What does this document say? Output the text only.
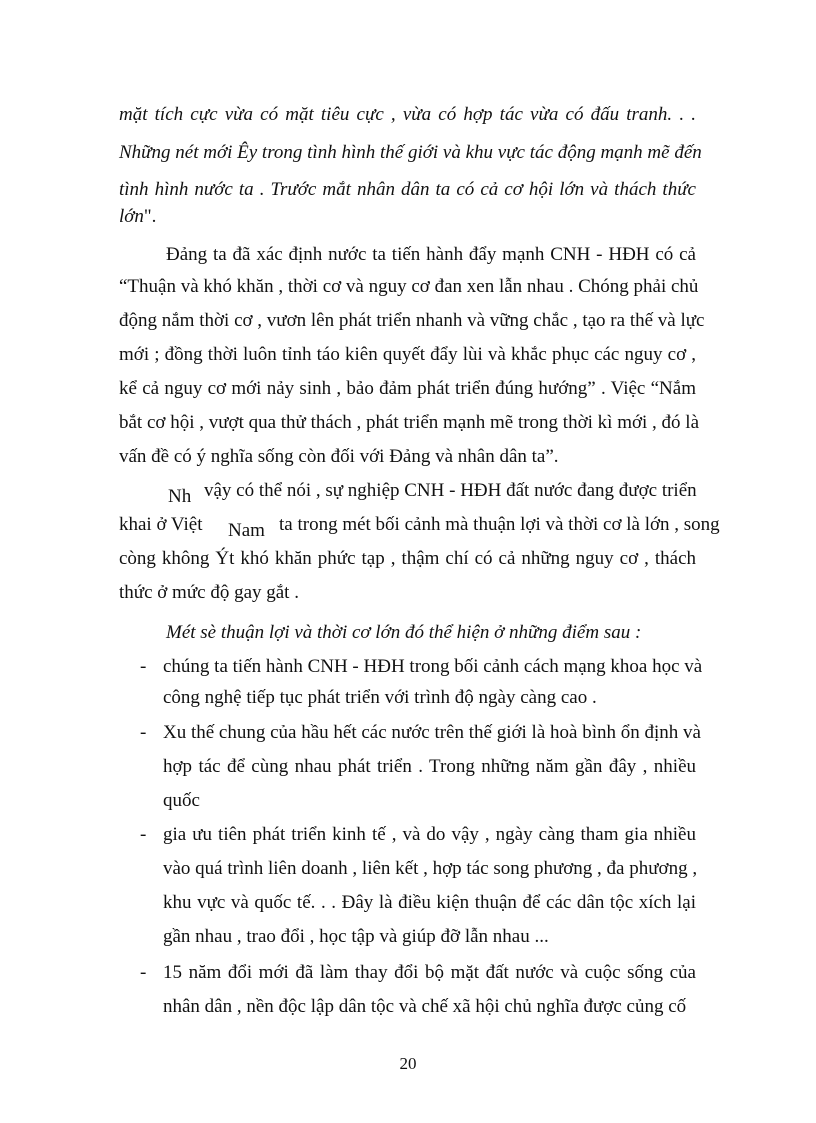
mặt tích cực vừa có mặt tiêu cực , vừa có hợp tác vừa có đấu tranh. . .
Những nét mới Êy trong tình hình thế giới và khu vực tác động mạnh mẽ đến
tình hình nước ta . Trước mắt nhân dân ta có cả cơ hội lớn và thách thức
lớn".
Đảng ta đã xác định nước ta tiến hành đẩy mạnh CNH - HĐH có cả
“Thuận và khó khăn , thời cơ và nguy cơ đan xen lẫn nhau . Chóng phải chủ
động nắm thời cơ , vươn lên phát triển nhanh và vững chắc , tạo ra thế và lực
mới ; đồng thời luôn tỉnh táo kiên quyết đẩy lùi và khắc phục các nguy cơ ,
kể cả nguy cơ mới nảy sinh , bảo đảm phát triển đúng hướng” . Việc “Nắm
bắt cơ hội , vượt qua thử thách , phát triển mạnh mẽ trong thời kì mới , đó là
vấn đề có ý nghĩa sống còn đối với Đảng và nhân dân ta”.
Nh vậy có thể nói , sự nghiệp CNH - HĐH đất nước đang được triển
khai ở Việt Nam ta trong mét bối cảnh mà thuận lợi và thời cơ là lớn , song
còng không Ýt khó khăn phức tạp , thậm chí có cả những nguy cơ , thách
thức ở mức độ gay gắt .
Mét sè thuận lợi và thời cơ lớn đó thể hiện ở những điểm sau :
- chúng ta tiến hành CNH - HĐH trong bối cảnh cách mạng khoa học và
công nghệ tiếp tục phát triển với trình độ ngày càng cao .
- Xu thế chung của hầu hết các nước trên thế giới là hoà bình ổn định và
hợp tác để cùng nhau phát triển . Trong những năm gần đây , nhiều
quốc
- gia ưu tiên phát triển kinh tế , và do vậy , ngày càng tham gia nhiều
vào quá trình liên doanh , liên kết , hợp tác song phương , đa phương ,
khu vực và quốc tế. . . Đây là điều kiện thuận để các dân tộc xích lại
gần nhau , trao đổi , học tập và giúp đỡ lẫn nhau ...
- 15 năm đổi mới đã làm thay đổi bộ mặt đất nước và cuộc sống của
nhân dân , nền độc lập dân tộc và chế xã hội chủ nghĩa được củng cố
20
